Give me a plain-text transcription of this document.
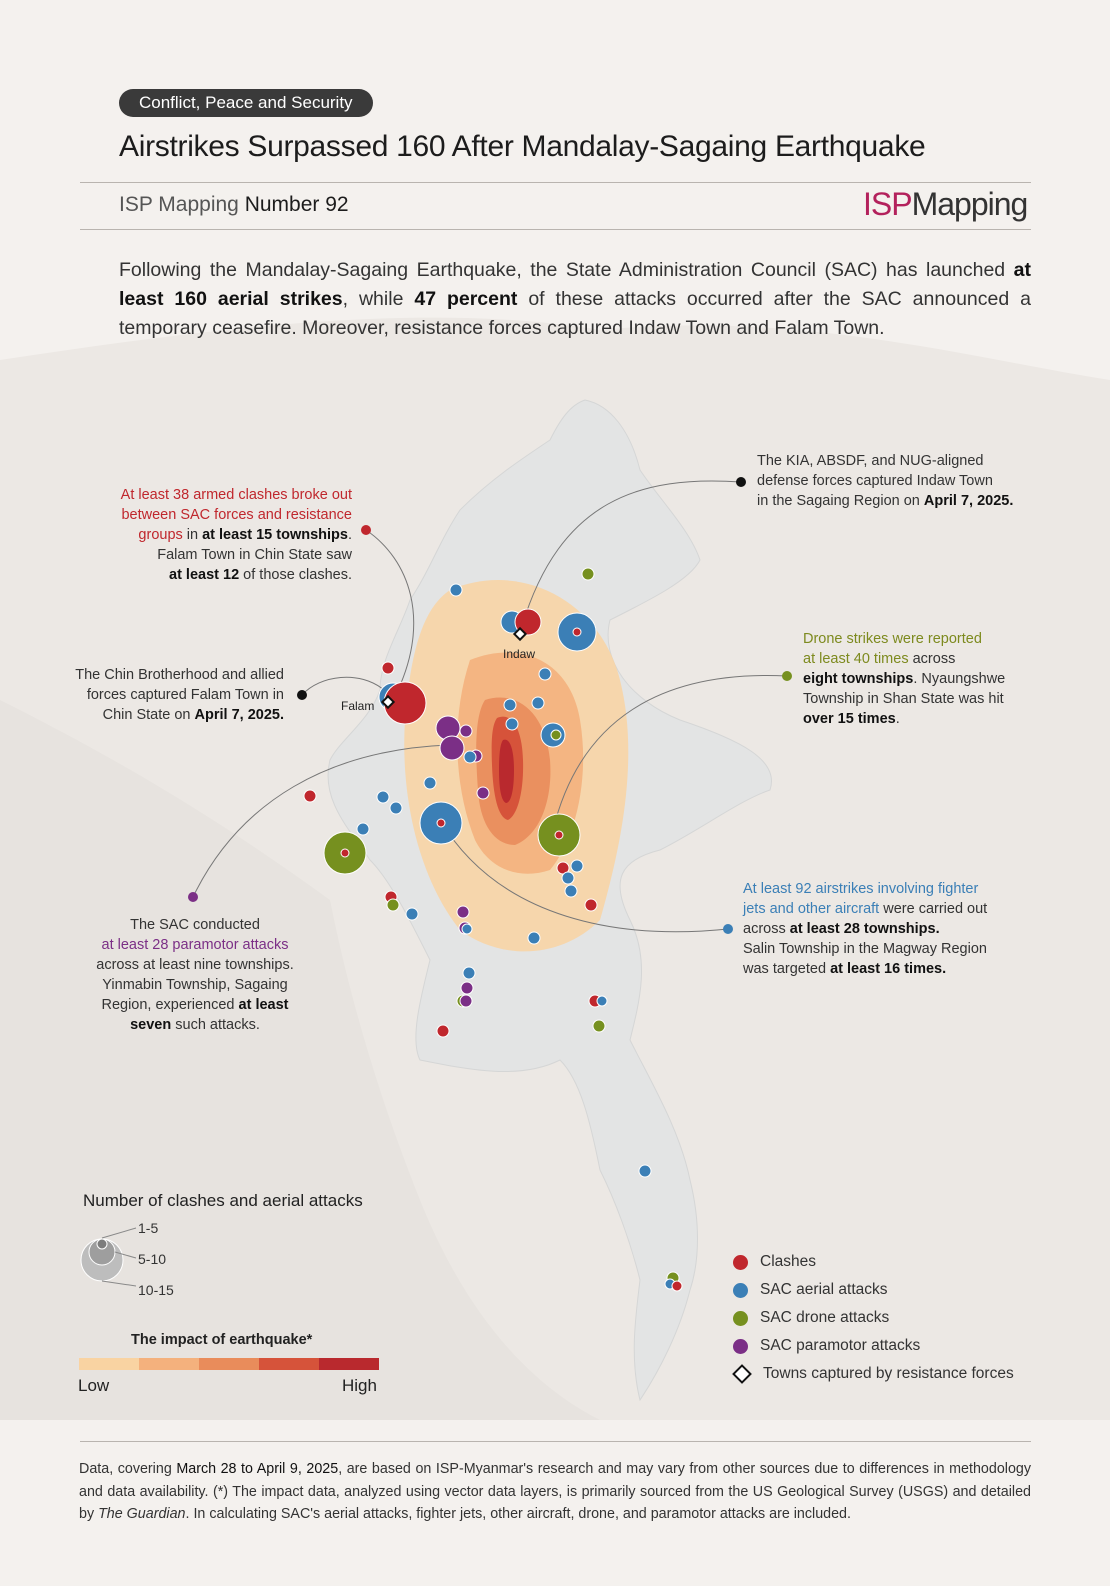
Indaw
Falam
Conflict, Peace and Security
Airstrikes Surpassed 160 After Mandalay-Sagaing Earthquake
ISP Mapping Number 92	ISPMapping
Following the Mandalay-Sagaing Earthquake, the State Administration Council (SAC) has launched at least 160 aerial strikes, while 47 percent of these attacks occurred after the SAC announced a temporary ceasefire. Moreover, resistance forces captured Indaw Town and Falam Town.
At least 38 armed clashes broke out
between SAC forces and resistance
groups in at least 15 townships.
Falam Town in Chin State saw
at least 12 of those clashes.
The KIA, ABSDF, and NUG-aligned
defense forces captured Indaw Town
in the Sagaing Region on April 7, 2025.
The Chin Brotherhood and allied
forces captured Falam Town in
Chin State on April 7, 2025.
Drone strikes were reported
at least 40 times across
eight townships. Nyaungshwe
Township in Shan State was hit
over 15 times.
At least 92 airstrikes involving fighter
jets and other aircraft were carried out
across at least 28 townships.
Salin Township in the Magway Region
was targeted at least 16 times.
The SAC conducted
at least 28 paramotor attacks
across at least nine townships.
Yinmabin Township, Sagaing
Region, experienced at least
seven such attacks.
Number of clashes and aerial attacks
1-5
5-10
10-15
The impact of earthquake*
Low	High
Clashes
SAC aerial attacks
SAC drone attacks
SAC paramotor attacks
Towns captured by resistance forces
Data, covering March 28 to April 9, 2025, are based on ISP-Myanmar's research and may vary from other sources due to differences in methodology and data availability. (*) The impact data, analyzed using vector data layers, is primarily sourced from the US Geological Survey (USGS) and detailed by The Guardian. In calculating SAC's aerial attacks, fighter jets, other aircraft, drone, and paramotor attacks are included.
